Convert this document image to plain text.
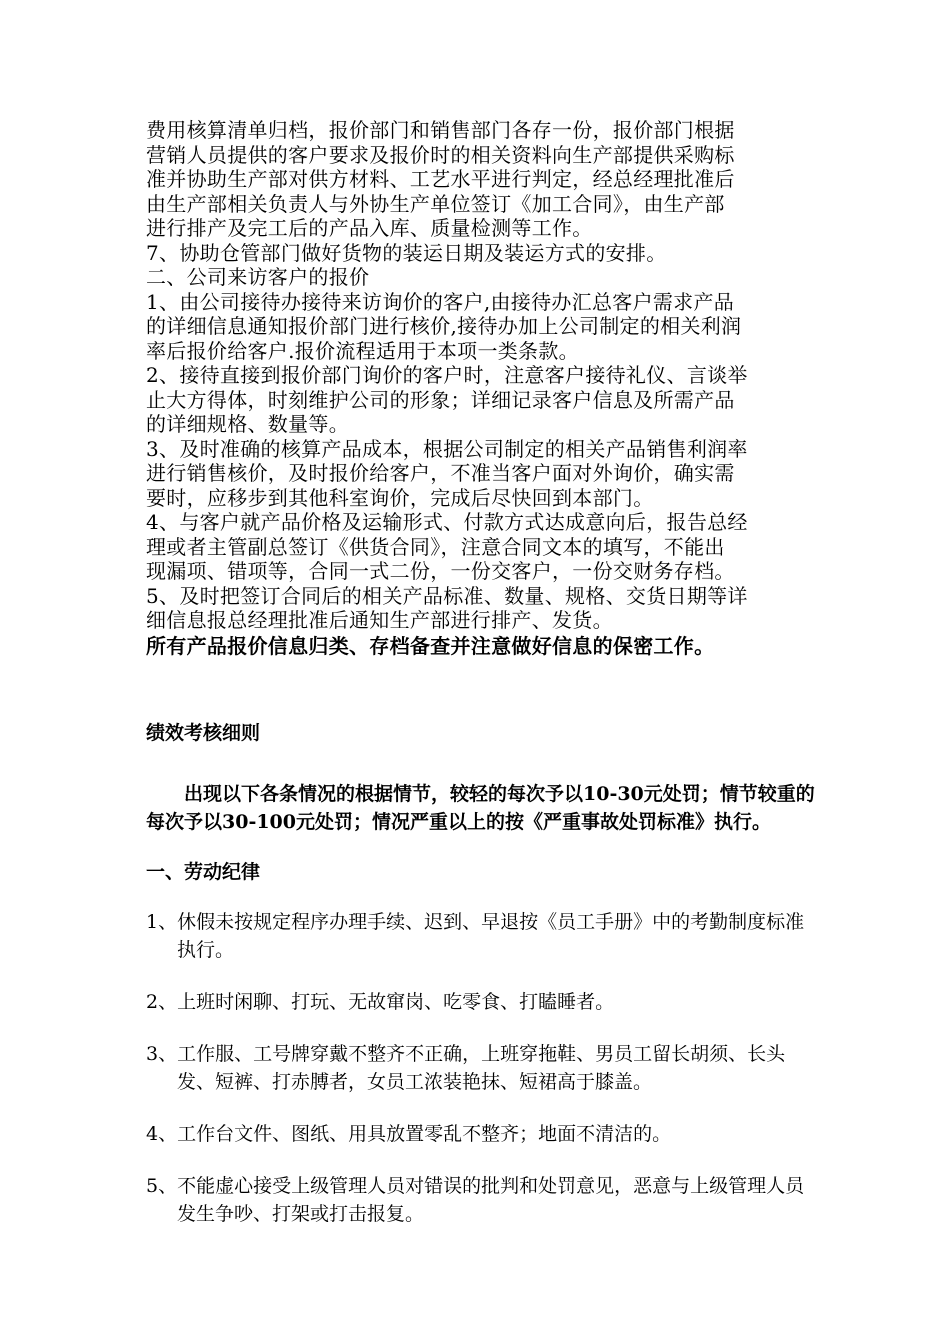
费用核算清单归档，报价部门和销售部门各存一份，报价部门根据

营销人员提供的客户要求及报价时的相关资料向生产部提供采购标

准并协助生产部对供方材料、工艺水平进行判定，经总经理批准后

由生产部相关负责人与外协生产单位签订《加工合同》，由生产部

进行排产及完工后的产品入库、质量检测等工作。

7、协助仓管部门做好货物的装运日期及装运方式的安排。

二、公司来访客户的报价

1、由公司接待办接待来访询价的客户,由接待办汇总客户需求产品

的详细信息通知报价部门进行核价,接待办加上公司制定的相关利润

率后报价给客户.报价流程适用于本项一类条款。

2、接待直接到报价部门询价的客户时，注意客户接待礼仪、言谈举

止大方得体，时刻维护公司的形象；详细记录客户信息及所需产品

的详细规格、数量等。

3、及时准确的核算产品成本，根据公司制定的相关产品销售利润率

进行销售核价，及时报价给客户，不准当客户面对外询价，确实需

要时，应移步到其他科室询价，完成后尽快回到本部门。

4、与客户就产品价格及运输形式、付款方式达成意向后，报告总经

理或者主管副总签订《供货合同》，注意合同文本的填写，不能出

现漏项、错项等，合同一式二份，一份交客户，一份交财务存档。

5、及时把签订合同后的相关产品标准、数量、规格、交货日期等详

细信息报总经理批准后通知生产部进行排产、发货。

所有产品报价信息归类、存档备查并注意做好信息的保密工作。

绩效考核细则

出现以下各条情况的根据情节，较轻的每次予以10-30元处罚；情节较重的每次予以30-100元处罚；情况严重以上的按《严重事故处罚标准》执行。

一、劳动纪律

1、休假未按规定程序办理手续、迟到、早退按《员工手册》中的考勤制度标准执行。

2、上班时闲聊、打玩、无故窜岗、吃零食、打瞌睡者。

3、工作服、工号牌穿戴不整齐不正确，上班穿拖鞋、男员工留长胡须、长头发、短裤、打赤膊者，女员工浓装艳抹、短裙高于膝盖。

4、工作台文件、图纸、用具放置零乱不整齐；地面不清洁的。

5、不能虚心接受上级管理人员对错误的批判和处罚意见，恶意与上级管理人员发生争吵、打架或打击报复。
